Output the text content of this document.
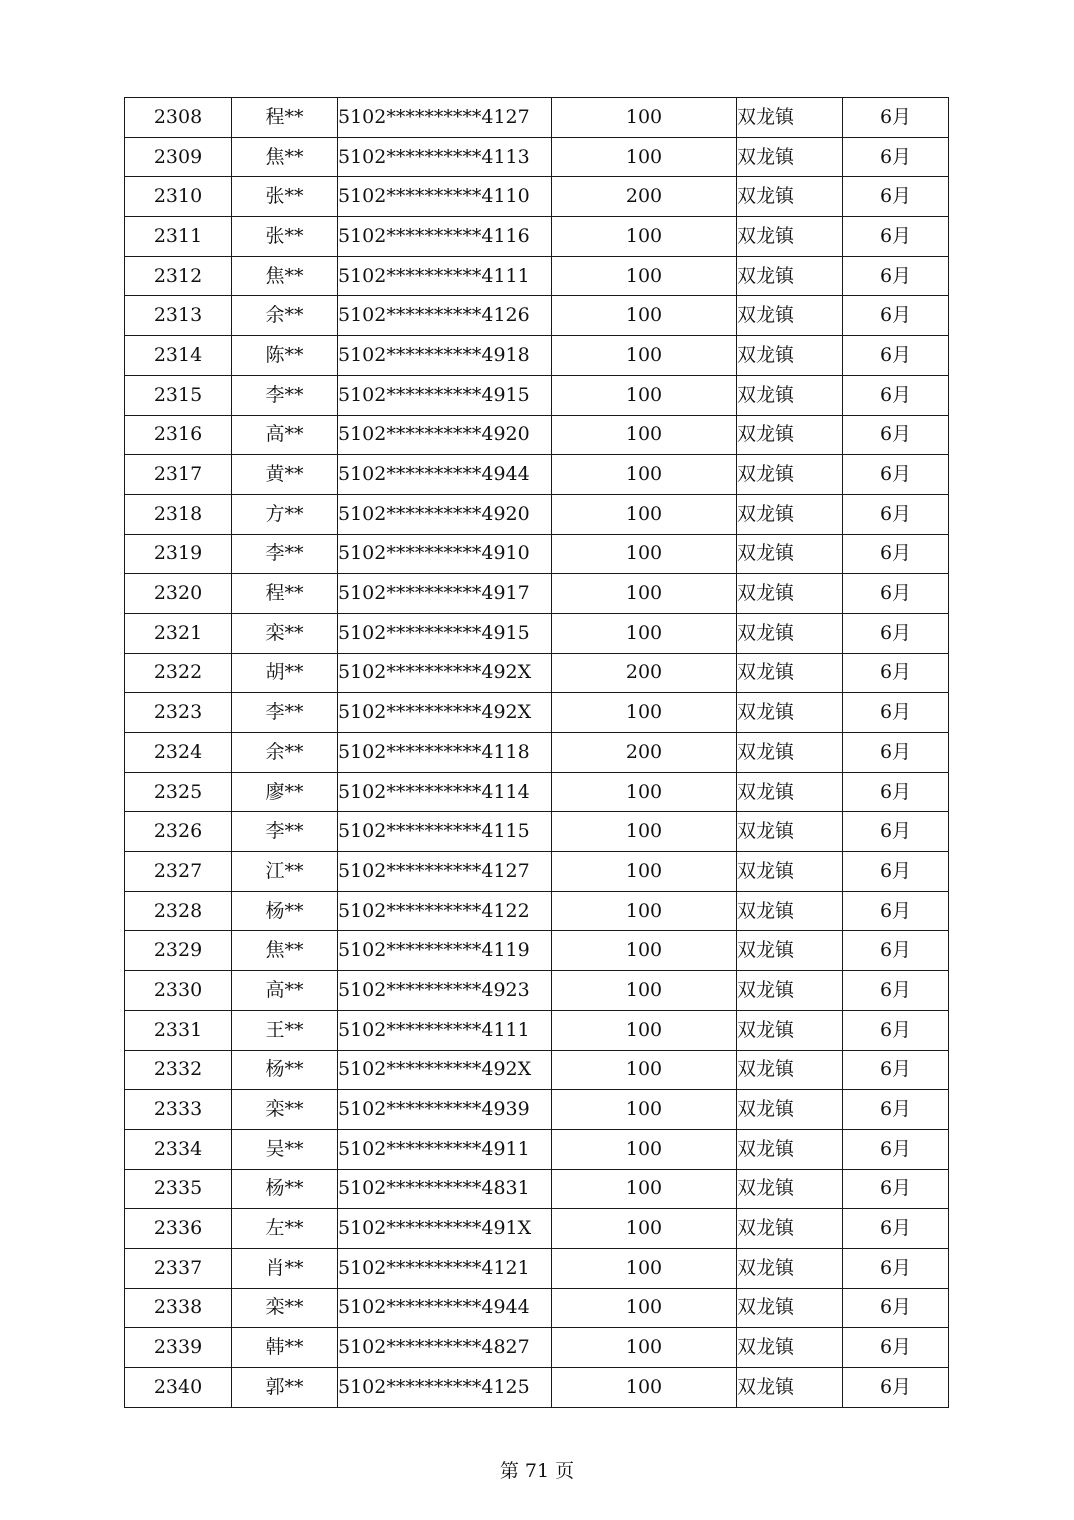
2308	程**	5102**********4127	100	双龙镇	6月
2309	焦**	5102**********4113	100	双龙镇	6月
2310	张**	5102**********4110	200	双龙镇	6月
2311	张**	5102**********4116	100	双龙镇	6月
2312	焦**	5102**********4111	100	双龙镇	6月
2313	余**	5102**********4126	100	双龙镇	6月
2314	陈**	5102**********4918	100	双龙镇	6月
2315	李**	5102**********4915	100	双龙镇	6月
2316	高**	5102**********4920	100	双龙镇	6月
2317	黄**	5102**********4944	100	双龙镇	6月
2318	方**	5102**********4920	100	双龙镇	6月
2319	李**	5102**********4910	100	双龙镇	6月
2320	程**	5102**********4917	100	双龙镇	6月
2321	栾**	5102**********4915	100	双龙镇	6月
2322	胡**	5102**********492X	200	双龙镇	6月
2323	李**	5102**********492X	100	双龙镇	6月
2324	余**	5102**********4118	200	双龙镇	6月
2325	廖**	5102**********4114	100	双龙镇	6月
2326	李**	5102**********4115	100	双龙镇	6月
2327	江**	5102**********4127	100	双龙镇	6月
2328	杨**	5102**********4122	100	双龙镇	6月
2329	焦**	5102**********4119	100	双龙镇	6月
2330	高**	5102**********4923	100	双龙镇	6月
2331	王**	5102**********4111	100	双龙镇	6月
2332	杨**	5102**********492X	100	双龙镇	6月
2333	栾**	5102**********4939	100	双龙镇	6月
2334	吴**	5102**********4911	100	双龙镇	6月
2335	杨**	5102**********4831	100	双龙镇	6月
2336	左**	5102**********491X	100	双龙镇	6月
2337	肖**	5102**********4121	100	双龙镇	6月
2338	栾**	5102**********4944	100	双龙镇	6月
2339	韩**	5102**********4827	100	双龙镇	6月
2340	郭**	5102**********4125	100	双龙镇	6月
第 71 页
